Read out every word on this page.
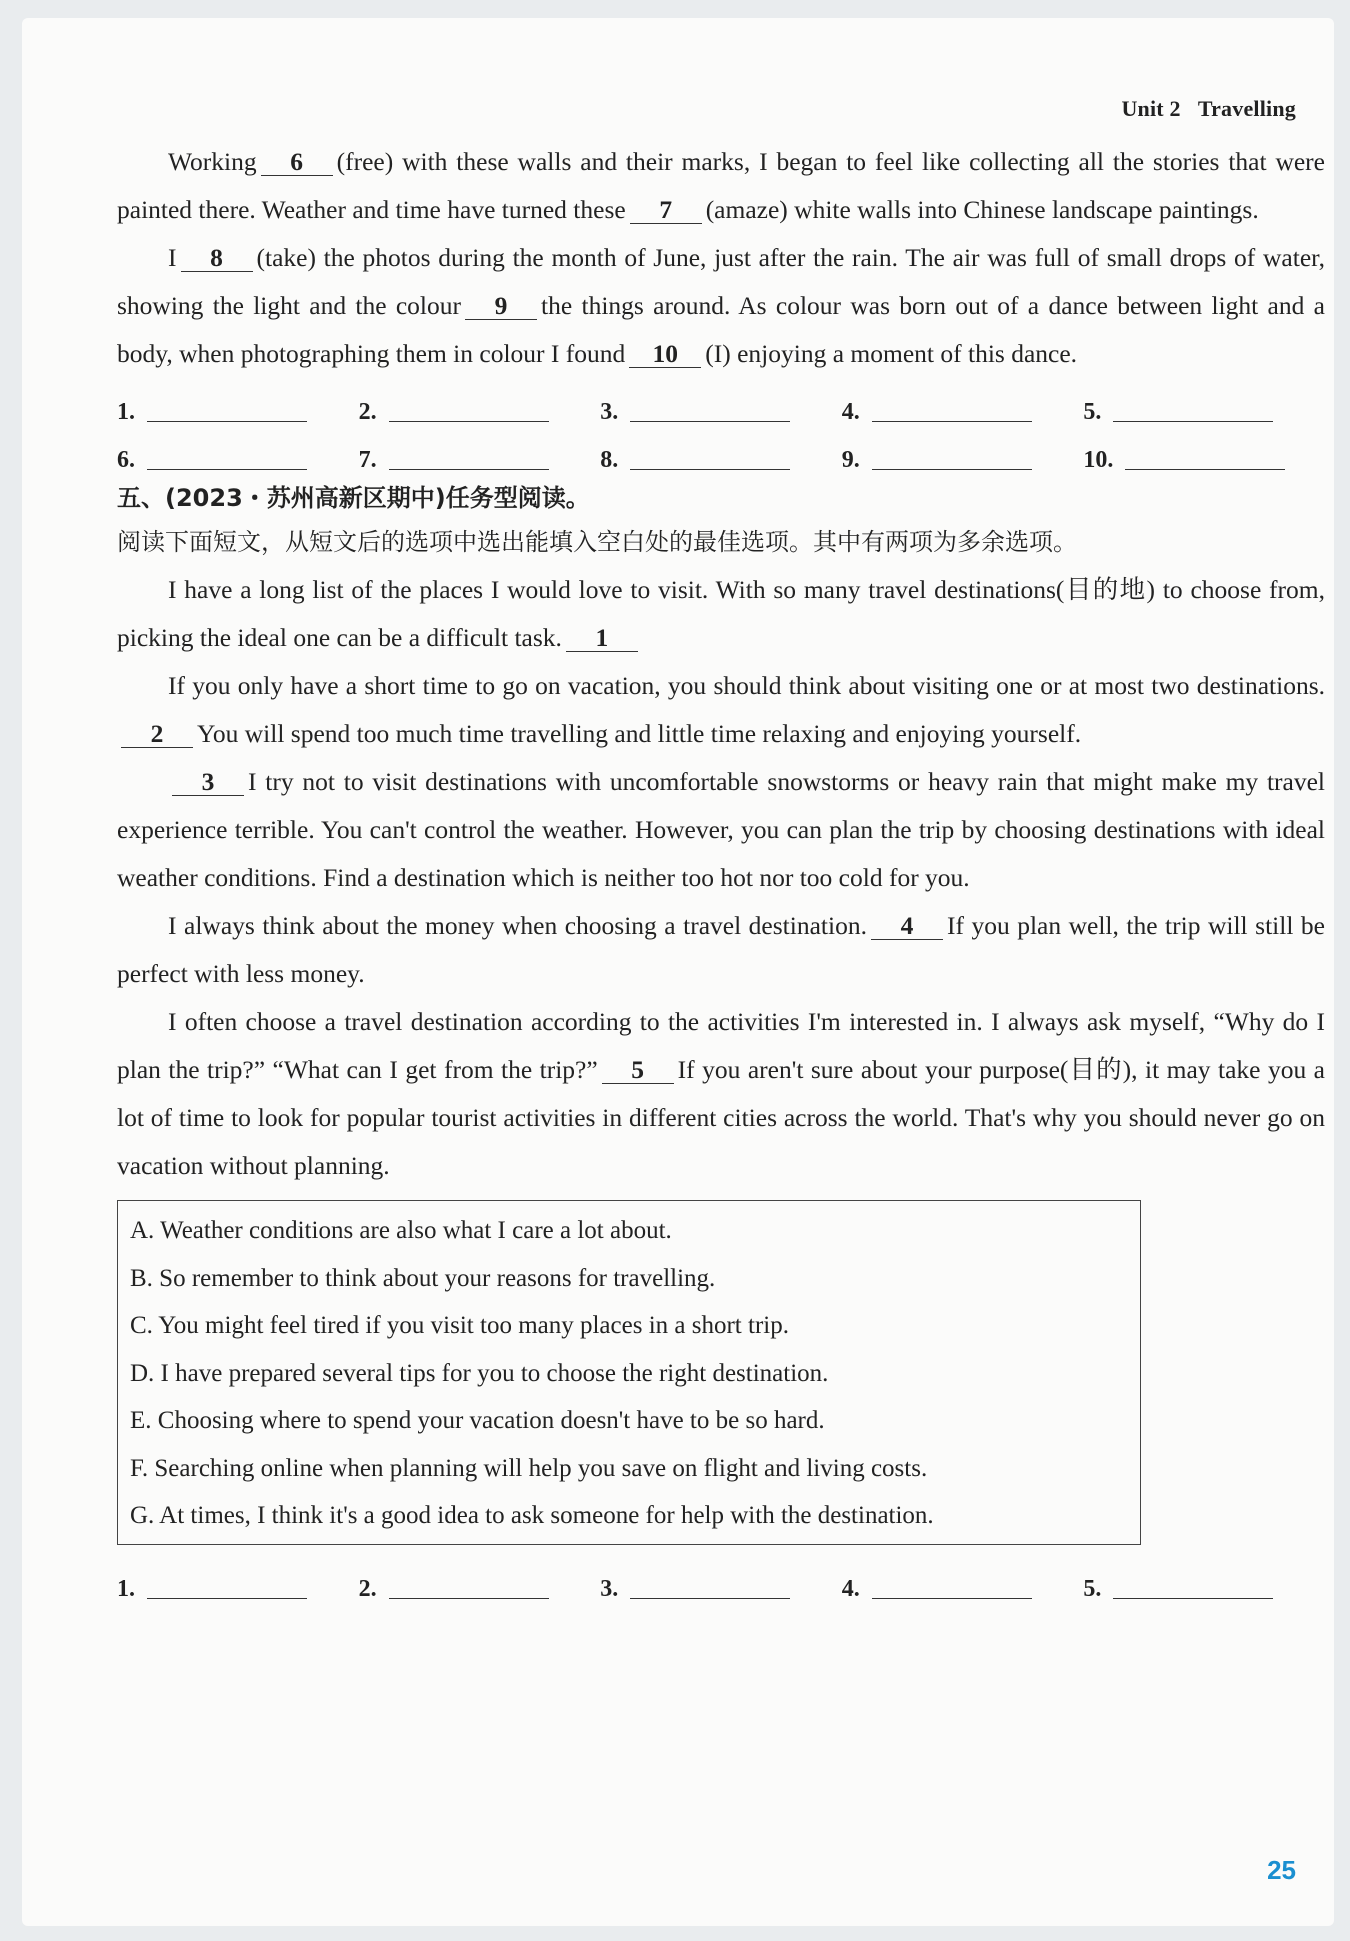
Unit 2 Travelling

Working 6 (free) with these walls and their marks, I began to feel like collecting all the stories that were painted there. Weather and time have turned these 7 (amaze) white walls into Chinese landscape paintings.

I 8 (take) the photos during the month of June, just after the rain. The air was full of small drops of water, showing the light and the colour 9 the things around. As colour was born out of a dance between light and a body, when photographing them in colour I found 10 (I) enjoying a moment of this dance.

1.	2.	3.	4.	5.
6.	7.	8.	9.	10.
五、(2023・苏州高新区期中)任务型阅读。
阅读下面短文，从短文后的选项中选出能填入空白处的最佳选项。其中有两项为多余选项。

I have a long list of the places I would love to visit. With so many travel destinations(目的地) to choose from, picking the ideal one can be a difficult task. 1

If you only have a short time to go on vacation, you should think about visiting one or at most two destinations.2 You will spend too much time travelling and little time relaxing and enjoying yourself.

3 I try not to visit destinations with uncomfortable snowstorms or heavy rain that might make my travel experience terrible. You can't control the weather. However, you can plan the trip by choosing destinations with ideal weather conditions. Find a destination which is neither too hot nor too cold for you.

I always think about the money when choosing a travel destination. 4 If you plan well, the trip will still be perfect with less money.

I often choose a travel destination according to the activities I'm interested in. I always ask myself, “Why do I plan the trip?” “What can I get from the trip?” 5 If you aren't sure about your purpose(目的), it may take you a lot of time to look for popular tourist activities in different cities across the world. That's why you should never go on vacation without planning.

A. Weather conditions are also what I care a lot about.
B. So remember to think about your reasons for travelling.
C. You might feel tired if you visit too many places in a short trip.
D. I have prepared several tips for you to choose the right destination.
E. Choosing where to spend your vacation doesn't have to be so hard.
F. Searching online when planning will help you save on flight and living costs.
G. At times, I think it's a good idea to ask someone for help with the destination.
1.	2.	3.	4.	5.
25
